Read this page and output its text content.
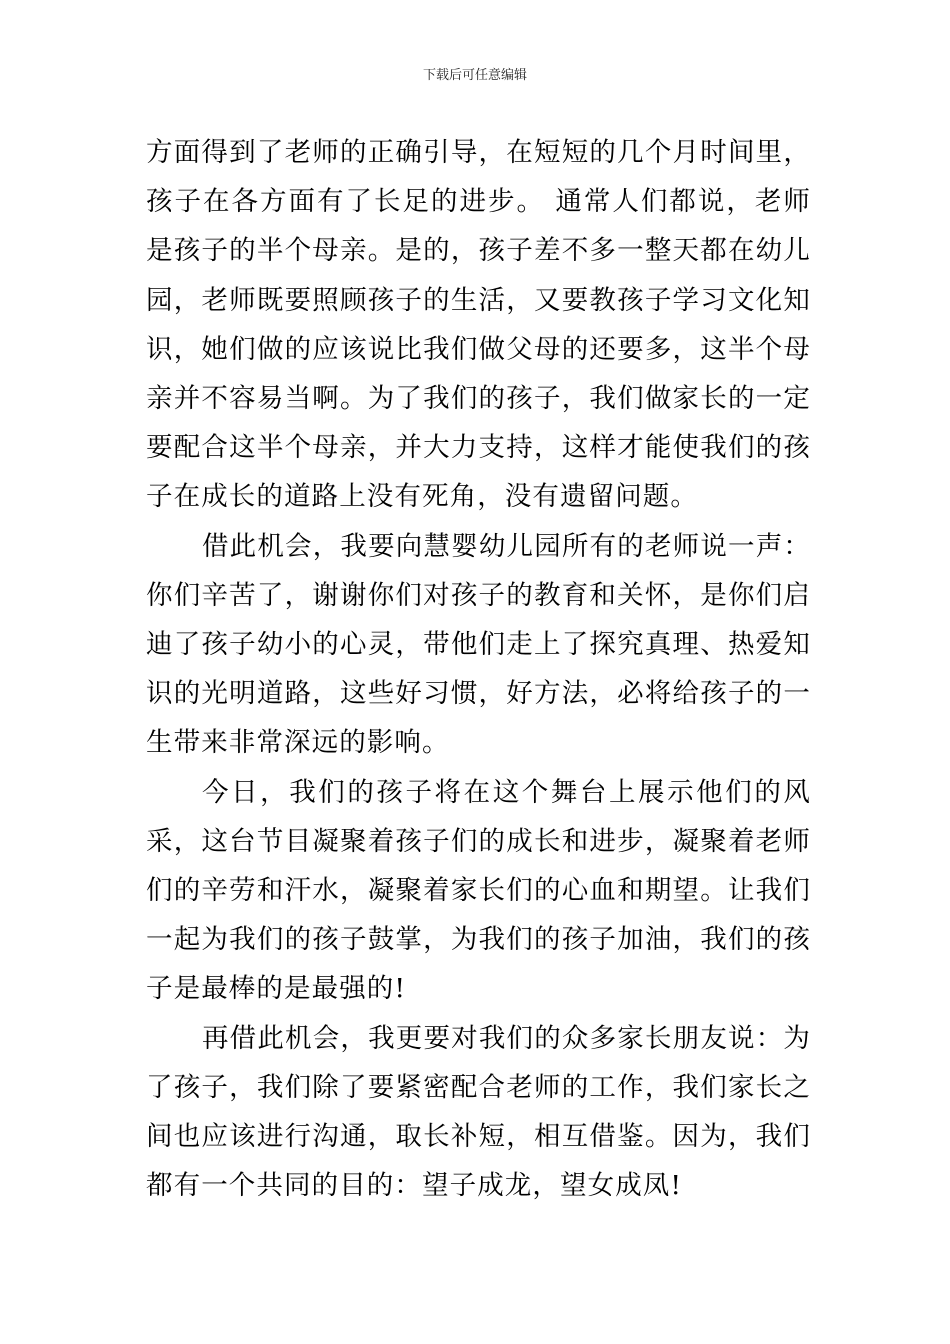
下载后可任意编辑

方面得到了老师的正确引导，在短短的几个月时间里，孩子在各方面有了长足的进步。 通常人们都说，老师是孩子的半个母亲。是的，孩子差不多一整天都在幼儿园，老师既要照顾孩子的生活，又要教孩子学习文化知识，她们做的应该说比我们做父母的还要多，这半个母亲并不容易当啊。为了我们的孩子，我们做家长的一定要配合这半个母亲，并大力支持，这样才能使我们的孩子在成长的道路上没有死角，没有遗留问题。

借此机会，我要向慧婴幼儿园所有的老师说一声：你们辛苦了，谢谢你们对孩子的教育和关怀，是你们启迪了孩子幼小的心灵，带他们走上了探究真理、热爱知识的光明道路，这些好习惯，好方法，必将给孩子的一生带来非常深远的影响。

今日，我们的孩子将在这个舞台上展示他们的风采，这台节目凝聚着孩子们的成长和进步，凝聚着老师们的辛劳和汗水，凝聚着家长们的心血和期望。让我们一起为我们的孩子鼓掌，为我们的孩子加油，我们的孩子是最棒的是最强的!

再借此机会，我更要对我们的众多家长朋友说：为了孩子，我们除了要紧密配合老师的工作，我们家长之间也应该进行沟通，取长补短，相互借鉴。因为，我们都有一个共同的目的：望子成龙，望女成凤!
